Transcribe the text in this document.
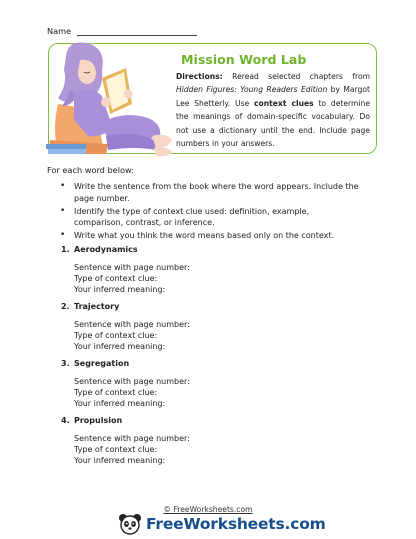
Name
Mission Word Lab
Directions: Reread selected chapters from Hidden Figures: Young Readers Edition by Margot Lee Shetterly. Use context clues to determine the meanings of domain-specific vocabulary. Do not use a dictionary until the end. Include page numbers in your answers.
For each word below:
• Write the sentence from the book where the word appears. Include the page number.
• Identify the type of context clue used: definition, example, comparison, contrast, or inference.
• Write what you think the word means based only on the context.
1. Aerodynamics
Sentence with page number:
Type of context clue:
Your inferred meaning:
2. Trajectory
Sentence with page number:
Type of context clue:
Your inferred meaning:
3. Segregation
Sentence with page number:
Type of context clue:
Your inferred meaning:
4. Propulsion
Sentence with page number:
Type of context clue:
Your inferred meaning:
© FreeWorksheets.com
FreeWorksheets.com
